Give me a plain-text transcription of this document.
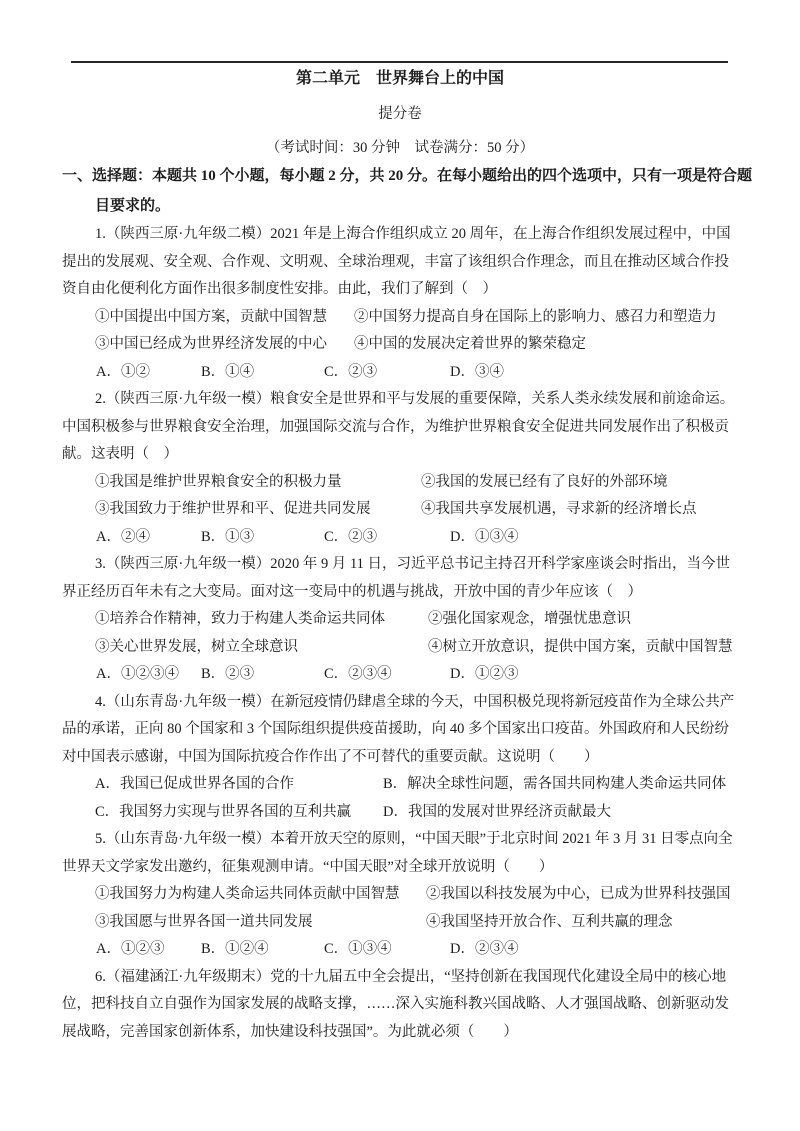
第二单元　世界舞台上的中国
提分卷
（考试时间：30 分钟　试卷满分：50 分）
一、选择题：本题共 10 个小题，每小题 2 分，共 20 分。在每小题给出的四个选项中，只有一项是符合题
目要求的。
1.（陕西三原·九年级二模）2021 年是上海合作组织成立 20 周年，在上海合作组织发展过程中，中国
提出的发展观、安全观、合作观、文明观、全球治理观，丰富了该组织合作理念，而且在推动区域合作投
资自由化便利化方面作出很多制度性安排。由此，我们了解到（　）
①中国提出中国方案，贡献中国智慧	②中国努力提高自身在国际上的影响力、感召力和塑造力
③中国已经成为世界经济发展的中心	④中国的发展决定着世界的繁荣稳定
A．①②	B．①④	C．②③	D．③④
2.（陕西三原·九年级一模）粮食安全是世界和平与发展的重要保障，关系人类永续发展和前途命运。
中国积极参与世界粮食安全治理，加强国际交流与合作，为维护世界粮食安全促进共同发展作出了积极贡
献。这表明（　）
①我国是维护世界粮食安全的积极力量	②我国的发展已经有了良好的外部环境
③我国致力于维护世界和平、促进共同发展	④我国共享发展机遇，寻求新的经济增长点
A．②④	B．①③	C．②③	D．①③④
3.（陕西三原·九年级一模）2020 年 9 月 11 日，习近平总书记主持召开科学家座谈会时指出，当今世
界正经历百年未有之大变局。面对这一变局中的机遇与挑战，开放中国的青少年应该（　）
①培养合作精神，致力于构建人类命运共同体	②强化国家观念，增强忧患意识
③关心世界发展，树立全球意识	④树立开放意识，提供中国方案，贡献中国智慧
A．①②③④	B．②③	C．②③④	D．①②③
4.（山东青岛·九年级一模）在新冠疫情仍肆虐全球的今天，中国积极兑现将新冠疫苗作为全球公共产
品的承诺，正向 80 个国家和 3 个国际组织提供疫苗援助，向 40 多个国家出口疫苗。外国政府和人民纷纷
对中国表示感谢，中国为国际抗疫合作作出了不可替代的重要贡献。这说明（　　）
A．我国已促成世界各国的合作	B．解决全球性问题，需各国共同构建人类命运共同体
C．我国努力实现与世界各国的互利共赢	D．我国的发展对世界经济贡献最大
5.（山东青岛·九年级一模）本着开放天空的原则，“中国天眼”于北京时间 2021 年 3 月 31 日零点向全
世界天文学家发出邀约，征集观测申请。“中国天眼”对全球开放说明（　　）
①我国努力为构建人类命运共同体贡献中国智慧	②我国以科技发展为中心，已成为世界科技强国
③我国愿与世界各国一道共同发展	④我国坚持开放合作、互利共赢的理念
A．①②③	B．①②④	C．①③④	D．②③④
6.（福建涵江·九年级期末）党的十九届五中全会提出，“坚持创新在我国现代化建设全局中的核心地
位，把科技自立自强作为国家发展的战略支撑，……深入实施科教兴国战略、人才强国战略、创新驱动发
展战略，完善国家创新体系，加快建设科技强国”。为此就必须（　　）
